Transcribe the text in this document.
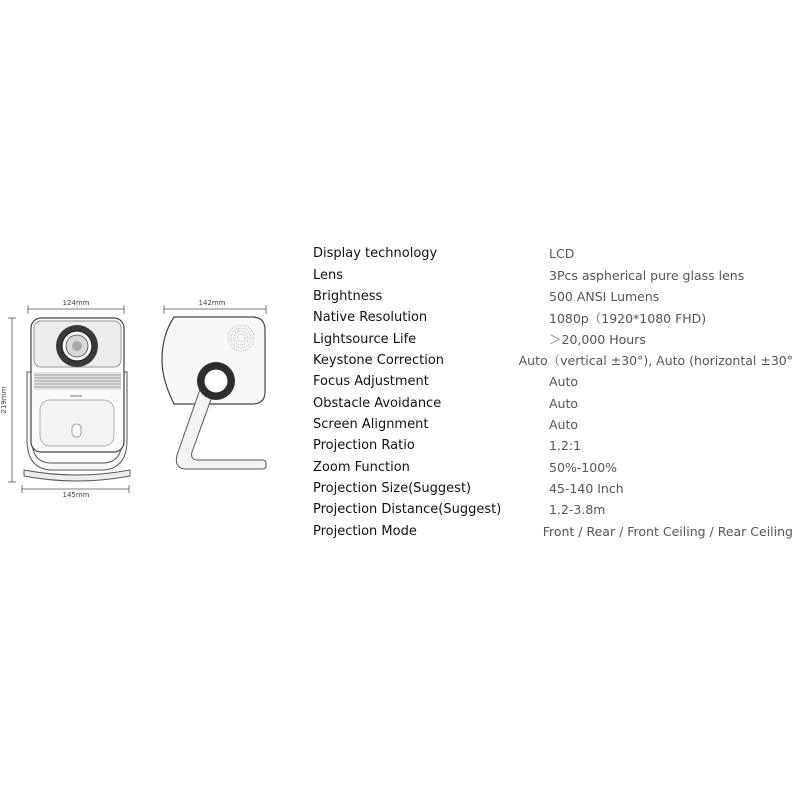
124mm
219mm
145mm
wanbo
142mm
Display technology	LCD
Lens	3Pcs aspherical pure glass lens
Brightness	500 ANSI Lumens
Native Resolution	1080p（1920*1080 FHD)
Lightsource Life	＞20,000 Hours
Keystone Correction	Auto（vertical ±30°), Auto (horizontal ±30°
Focus Adjustment	Auto
Obstacle Avoidance	Auto
Screen Alignment	Auto
Projection Ratio	1.2:1
Zoom Function	50%-100%
Projection Size(Suggest)	45-140 Inch
Projection Distance(Suggest)	1.2-3.8m
Projection Mode	Front / Rear / Front Ceiling / Rear Ceiling
